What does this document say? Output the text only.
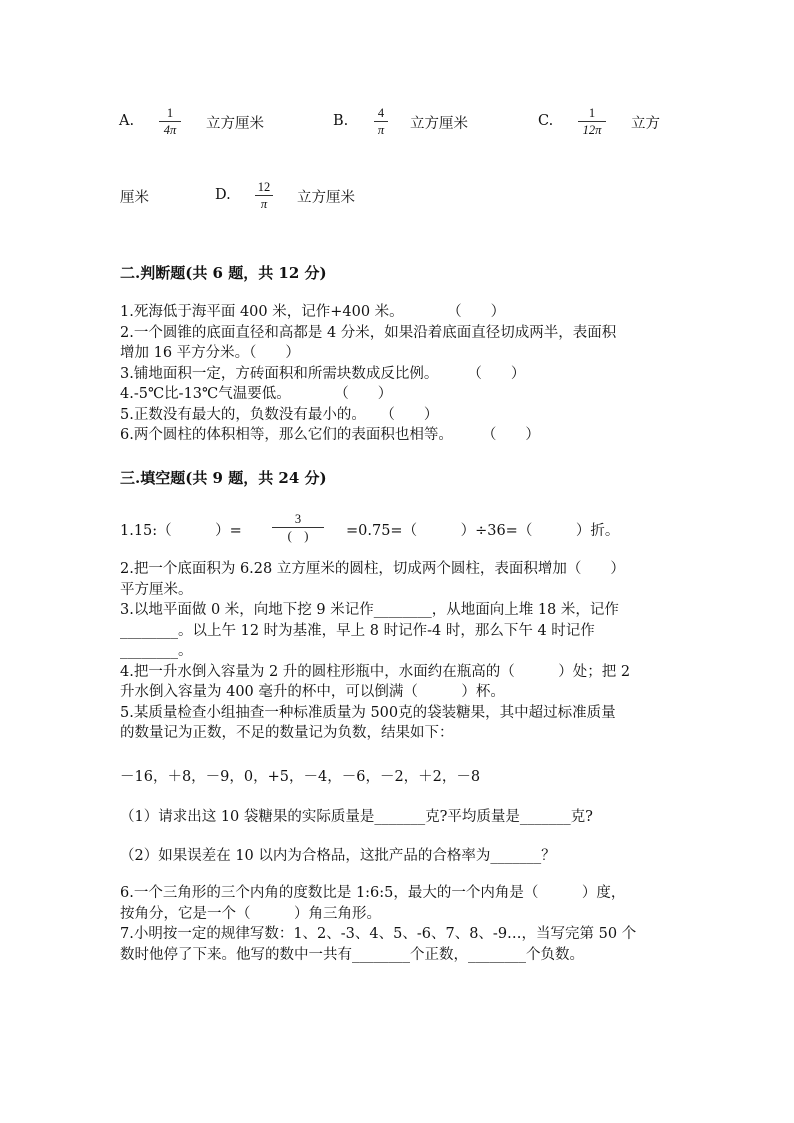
A.	1
4π	立方厘米	B.	4
π 立方厘米	C.	1
12π	立方
厘米	D. 12
π	立方厘米
二.判断题(共 6 题，共 12 分)
1.死海低于海平面 400 米，记作+400 米。　　　　（　　）
2.一个圆锥的底面直径和高都是 4 分米，如果沿着底面直径切成两半，表面积
增加 16 平方分米。（　　）
3.铺地面积一定，方砖面积和所需块数成反比例。　　　（　　）
4.-5℃比-13℃气温要低。　　　　（　　）
5.正数没有最大的，负数没有最小的。　　（　　）
6.两个圆柱的体积相等，那么它们的表面积也相等。　　　（　　）
三.填空题(共 9 题，共 24 分)
1.15:（　　　）=
3
(　)	=0.75=（　　　）÷36=（　　　）折。
2.把一个底面积为 6.28 立方厘米的圆柱，切成两个圆柱，表面积增加（　　）
平方厘米。
3.以地平面做 0 米，向地下挖 9 米记作________，从地面向上堆 18 米，记作
________。以上午 12 时为基准，早上 8 时记作-4 时，那么下午 4 时记作
________。
4.把一升水倒入容量为 2 升的圆柱形瓶中，水面约在瓶高的（　　　）处；把 2
升水倒入容量为 400 毫升的杯中，可以倒满（　　　）杯。
5.某质量检查小组抽查一种标准质量为 500克的袋装糖果，其中超过标准质量
的数量记为正数，不足的数量记为负数，结果如下：
－16，＋8，－9，0，+5，－4，－6，－2，＋2，－8
（1）请求出这 10 袋糖果的实际质量是_______克?平均质量是_______克?
（2）如果误差在 10 以内为合格品，这批产品的合格率为_______？
6.一个三角形的三个内角的度数比是 1:6:5，最大的一个内角是（　　　）度，
按角分，它是一个（　　　）角三角形。
7.小明按一定的规律写数：1、2、-3、4、5、-6、7、8、-9…，当写完第 50 个
数时他停了下来。他写的数中一共有________个正数，________个负数。
